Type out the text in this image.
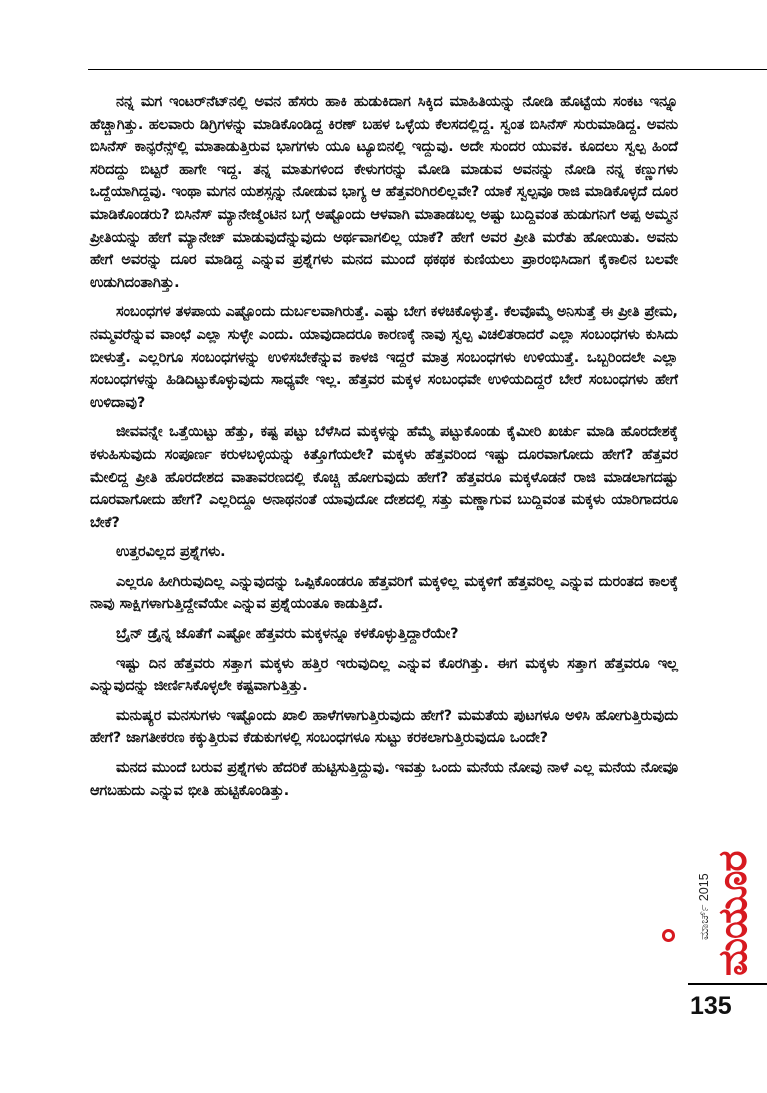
ನನ್ನ ಮಗ ಇಂಟರ್‌ನೆಟ್‌ನಲ್ಲಿ ಅವನ ಹೆಸರು ಹಾಕಿ ಹುಡುಕಿದಾಗ ಸಿಕ್ಕಿದ ಮಾಹಿತಿಯನ್ನು ನೋಡಿ ಹೊಟ್ಟೆಯ ಸಂಕಟ ಇನ್ನೂ ಹೆಚ್ಚಾಗಿತ್ತು. ಹಲವಾರು ಡಿಗ್ರಿಗಳನ್ನು ಮಾಡಿಕೊಂಡಿದ್ದ ಕಿರಣ್ ಬಹಳ ಒಳ್ಳೆಯ ಕೆಲಸದಲ್ಲಿದ್ದ. ಸ್ವಂತ ಬಿಸಿನೆಸ್ ಸುರುಮಾಡಿದ್ದ. ಅವನು ಬಿಸಿನೆಸ್ ಕಾನ್ಫರೆನ್ಸ್‌ಲ್ಲಿ ಮಾತಾಡುತ್ತಿರುವ ಭಾಗಗಳು ಯೂ ಟ್ಯೂಬಿನಲ್ಲಿ ಇದ್ದುವು. ಅದೇ ಸುಂದರ ಯುವಕ. ಕೂದಲು ಸ್ವಲ್ಪ ಹಿಂದೆ ಸರಿದದ್ದು ಬಿಟ್ಟರೆ ಹಾಗೇ ಇದ್ದ. ತನ್ನ ಮಾತುಗಳಿಂದ ಕೇಳುಗರನ್ನು ಮೋಡಿ ಮಾಡುವ ಅವನನ್ನು ನೋಡಿ ನನ್ನ ಕಣ್ಣುಗಳು ಒದ್ದೆಯಾಗಿದ್ದವು. ಇಂಥಾ ಮಗನ ಯಶಸ್ಸನ್ನು ನೋಡುವ ಭಾಗ್ಯ ಆ ಹೆತ್ತವರಿಗಿರಲಿಲ್ಲವೇ? ಯಾಕೆ ಸ್ವಲ್ಪವೂ ರಾಜಿ ಮಾಡಿಕೊಳ್ಳದೆ ದೂರ ಮಾಡಿಕೊಂಡರು? ಬಿಸಿನೆಸ್ ಮ್ಯಾನೇಜ್ಮೆಂಟಿನ ಬಗ್ಗೆ ಅಷ್ಟೊಂದು ಆಳವಾಗಿ ಮಾತಾಡಬಲ್ಲ ಅಷ್ಟು ಬುದ್ದಿವಂತ ಹುಡುಗನಿಗೆ ಅಪ್ಪ ಅಮ್ಮನ ಪ್ರೀತಿಯನ್ನು ಹೇಗೆ ಮ್ಯಾನೇಜ್ ಮಾಡುವುದೆನ್ನುವುದು ಅರ್ಥವಾಗಲಿಲ್ಲ ಯಾಕೆ? ಹೇಗೆ ಅವರ ಪ್ರೀತಿ ಮರೆತು ಹೋಯಿತು. ಅವನು ಹೇಗೆ ಅವರನ್ನು ದೂರ ಮಾಡಿದ್ದ ಎನ್ನುವ ಪ್ರಶ್ನೆಗಳು ಮನದ ಮುಂದೆ ಥಕಥಕ ಕುಣಿಯಲು ಪ್ರಾರಂಭಿಸಿದಾಗ ಕೈಕಾಲಿನ ಬಲವೇ ಉಡುಗಿದಂತಾಗಿತ್ತು.

ಸಂಬಂಧಗಳ ತಳಪಾಯ ಎಷ್ಟೊಂದು ದುರ್ಬಲವಾಗಿರುತ್ತೆ. ಎಷ್ಟು ಬೇಗ ಕಳಚಿಕೊಳ್ಳುತ್ತೆ. ಕೆಲವೊಮ್ಮೆ ಅನಿಸುತ್ತೆ ಈ ಪ್ರೀತಿ ಪ್ರೇಮ, ನಮ್ಮವರೆನ್ನುವ ವಾಂಛೆ ಎಲ್ಲಾ ಸುಳ್ಳೇ ಎಂದು. ಯಾವುದಾದರೂ ಕಾರಣಕ್ಕೆ ನಾವು ಸ್ವಲ್ಪ ವಿಚಲಿತರಾದರೆ ಎಲ್ಲಾ ಸಂಬಂಧಗಳು ಕುಸಿದು ಬೀಳುತ್ತೆ. ಎಲ್ಲರಿಗೂ ಸಂಬಂಧಗಳನ್ನು ಉಳಿಸಬೇಕೆನ್ನುವ ಕಾಳಜಿ ಇದ್ದರೆ ಮಾತ್ರ ಸಂಬಂಧಗಳು ಉಳಿಯುತ್ತೆ. ಒಬ್ಬರಿಂದಲೇ ಎಲ್ಲಾ ಸಂಬಂಧಗಳನ್ನು ಹಿಡಿದಿಟ್ಟುಕೊಳ್ಳುವುದು ಸಾಧ್ಯವೇ ಇಲ್ಲ. ಹೆತ್ತವರ ಮಕ್ಕಳ ಸಂಬಂಧವೇ ಉಳಿಯದಿದ್ದರೆ ಬೇರೆ ಸಂಬಂಧಗಳು ಹೇಗೆ ಉಳಿದಾವು?

ಜೀವವನ್ನೇ ಒತ್ತೆಯಿಟ್ಟು ಹೆತ್ತು, ಕಷ್ಟ ಪಟ್ಟು ಬೆಳೆಸಿದ ಮಕ್ಕಳನ್ನು ಹೆಮ್ಮೆ ಪಟ್ಟುಕೊಂಡು ಕೈಮೀರಿ ಖರ್ಚು ಮಾಡಿ ಹೊರದೇಶಕ್ಕೆ ಕಳುಹಿಸುವುದು ಸಂಪೂರ್ಣ ಕರುಳಬಳ್ಳಿಯನ್ನು ಕಿತ್ತೊಗೆಯಲೇ? ಮಕ್ಕಳು ಹೆತ್ತವರಿಂದ ಇಷ್ಟು ದೂರವಾಗೋದು ಹೇಗೆ? ಹೆತ್ತವರ ಮೇಲಿದ್ದ ಪ್ರೀತಿ ಹೊರದೇಶದ ವಾತಾವರಣದಲ್ಲಿ ಕೊಚ್ಚಿ ಹೋಗುವುದು ಹೇಗೆ? ಹೆತ್ತವರೂ ಮಕ್ಕಳೊಡನೆ ರಾಜಿ ಮಾಡಲಾಗದಷ್ಟು ದೂರವಾಗೋದು ಹೇಗೆ? ಎಲ್ಲರಿದ್ದೂ ಅನಾಥನಂತೆ ಯಾವುದೋ ದೇಶದಲ್ಲಿ ಸತ್ತು ಮಣ್ಣಾಗುವ ಬುದ್ದಿವಂತ ಮಕ್ಕಳು ಯಾರಿಗಾದರೂ ಬೇಕೆ?

ಉತ್ತರವಿಲ್ಲದ ಪ್ರಶ್ನೆಗಳು.

ಎಲ್ಲರೂ ಹೀಗಿರುವುದಿಲ್ಲ ಎನ್ನುವುದನ್ನು ಒಪ್ಪಿಕೊಂಡರೂ ಹೆತ್ತವರಿಗೆ ಮಕ್ಕಳಿಲ್ಲ ಮಕ್ಕಳಿಗೆ ಹೆತ್ತವರಿಲ್ಲ ಎನ್ನುವ ದುರಂತದ ಕಾಲಕ್ಕೆ ನಾವು ಸಾಕ್ಷಿಗಳಾಗುತ್ತಿದ್ದೇವೆಯೇ ಎನ್ನುವ ಪ್ರಶ್ನೆಯಂತೂ ಕಾಡುತ್ತಿದೆ.

ಬ್ರೈನ್ ಡ್ರೈನ್ನ ಜೊತೆಗೆ ಎಷ್ಟೋ ಹೆತ್ತವರು ಮಕ್ಕಳನ್ನೂ ಕಳಕೊಳ್ಳುತ್ತಿದ್ದಾರೆಯೇ?

ಇಷ್ಟು ದಿನ ಹೆತ್ತವರು ಸತ್ತಾಗ ಮಕ್ಕಳು ಹತ್ತಿರ ಇರುವುದಿಲ್ಲ ಎನ್ನುವ ಕೊರಗಿತ್ತು. ಈಗ ಮಕ್ಕಳು ಸತ್ತಾಗ ಹೆತ್ತವರೂ ಇಲ್ಲ ಎನ್ನುವುದನ್ನು ಜೀರ್ಣಿಸಿಕೊಳ್ಳಲೇ ಕಷ್ಟವಾಗುತ್ತಿತ್ತು.

ಮನುಷ್ಯರ ಮನಸುಗಳು ಇಷ್ಟೊಂದು ಖಾಲಿ ಹಾಳೆಗಳಾಗುತ್ತಿರುವುದು ಹೇಗೆ? ಮಮತೆಯ ಪುಟಗಳೂ ಅಳಿಸಿ ಹೋಗುತ್ತಿರುವುದು ಹೇಗೆ? ಜಾಗತೀಕರಣ ಕಕ್ಕುತ್ತಿರುವ ಕೆಡುಕುಗಳಲ್ಲಿ ಸಂಬಂಧಗಳೂ ಸುಟ್ಟು ಕರಕಲಾಗುತ್ತಿರುವುದೂ ಒಂದೇ?

ಮನದ ಮುಂದೆ ಬರುವ ಪ್ರಶ್ನೆಗಳು ಹೆದರಿಕೆ ಹುಟ್ಟಿಸುತ್ತಿದ್ದುವು. ಇವತ್ತು ಒಂದು ಮನೆಯ ನೋವು ನಾಳೆ ಎಲ್ಲ ಮನೆಯ ನೋವೂ ಆಗಬಹುದು ಎನ್ನುವ ಭೀತಿ ಹುಟ್ಟಿಕೊಂಡಿತ್ತು.

ಮಾರ್ಚ್ 2015 ಮಯೂರ
135
